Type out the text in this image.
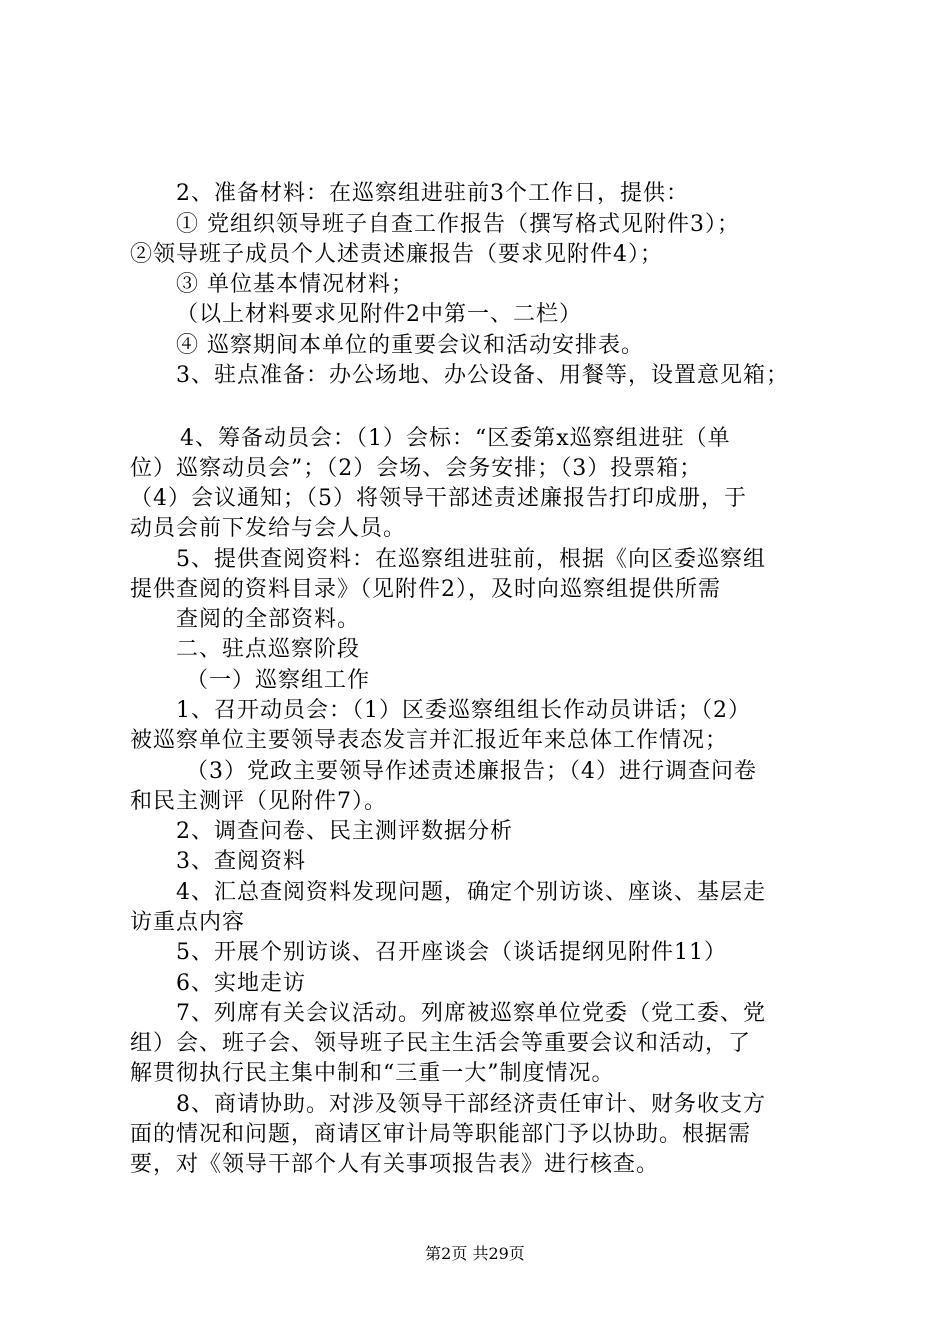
2、准备材料：在巡察组进驻前3个工作日，提供：
① 党组织领导班子自查工作报告（撰写格式见附件3）；
②领导班子成员个人述责述廉报告（要求见附件4）；
③ 单位基本情况材料；
（以上材料要求见附件2中第一、二栏）
④ 巡察期间本单位的重要会议和活动安排表。
3、驻点准备：办公场地、办公设备、用餐等，设置意见箱；
4、筹备动员会：（1）会标：“区委第x巡察组进驻（单
位）巡察动员会”；（2）会场、会务安排；（3）投票箱；
（4）会议通知；（5）将领导干部述责述廉报告打印成册，于
动员会前下发给与会人员。
5、提供查阅资料：在巡察组进驻前，根据《向区委巡察组
提供查阅的资料目录》（见附件2），及时向巡察组提供所需
查阅的全部资料。
二、驻点巡察阶段
（一）巡察组工作
1、召开动员会：（1）区委巡察组组长作动员讲话；（2）
被巡察单位主要领导表态发言并汇报近年来总体工作情况；
（3）党政主要领导作述责述廉报告；（4）进行调查问卷
和民主测评（见附件7）。
2、调查问卷、民主测评数据分析
3、查阅资料
4、汇总查阅资料发现问题，确定个别访谈、座谈、基层走
访重点内容
5、开展个别访谈、召开座谈会（谈话提纲见附件11）
6、实地走访
7、列席有关会议活动。列席被巡察单位党委（党工委、党
组）会、班子会、领导班子民主生活会等重要会议和活动，了
解贯彻执行民主集中制和“三重一大”制度情况。
8、商请协助。对涉及领导干部经济责任审计、财务收支方
面的情况和问题，商请区审计局等职能部门予以协助。根据需
要，对《领导干部个人有关事项报告表》进行核查。
第2页 共29页
